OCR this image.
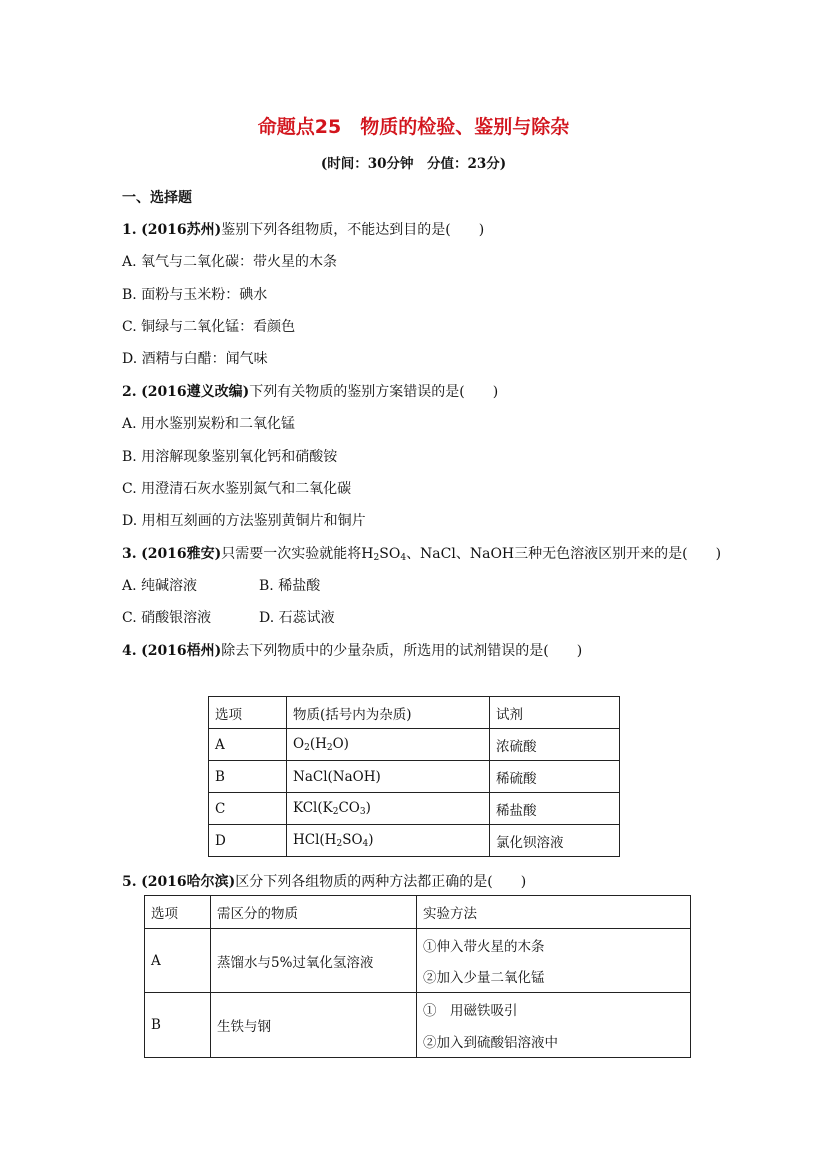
命题点25　物质的检验、鉴别与除杂
(时间：30分钟　分值：23分)
一、选择题
1. (2016苏州)鉴别下列各组物质，不能达到目的是(　　)
A. 氧气与二氧化碳：带火星的木条
B. 面粉与玉米粉：碘水
C. 铜绿与二氧化锰：看颜色
D. 酒精与白醋：闻气味
2. (2016遵义改编)下列有关物质的鉴别方案错误的是(　　)
A. 用水鉴别炭粉和二氧化锰
B. 用溶解现象鉴别氧化钙和硝酸铵
C. 用澄清石灰水鉴别氮气和二氧化碳
D. 用相互刻画的方法鉴别黄铜片和铜片
3. (2016雅安)只需要一次实验就能将$H_2SO_4$、NaCl、NaOH三种无色溶液区别开来的是(　　)
A. 纯碱溶液	B. 稀盐酸
C. 硝酸银溶液	D. 石蕊试液
4. (2016梧州)除去下列物质中的少量杂质，所选用的试剂错误的是(　　)
选项	物质(括号内为杂质)	试剂
A	$O_2(H_2O)$	浓硫酸
B	NaCl(NaOH)	稀硫酸
C	$KCl(K_2CO_3)$	稀盐酸
D	$HCl(H_2SO_4)$	氯化钡溶液
5. (2016哈尔滨)区分下列各组物质的两种方法都正确的是(　　)
选项	需区分的物质	实验方法
A	蒸馏水与5%过氧化氢溶液	①伸入带火星的木条
		②加入少量二氧化锰
B	生铁与钢	①　用磁铁吸引
		②加入到硫酸铝溶液中
